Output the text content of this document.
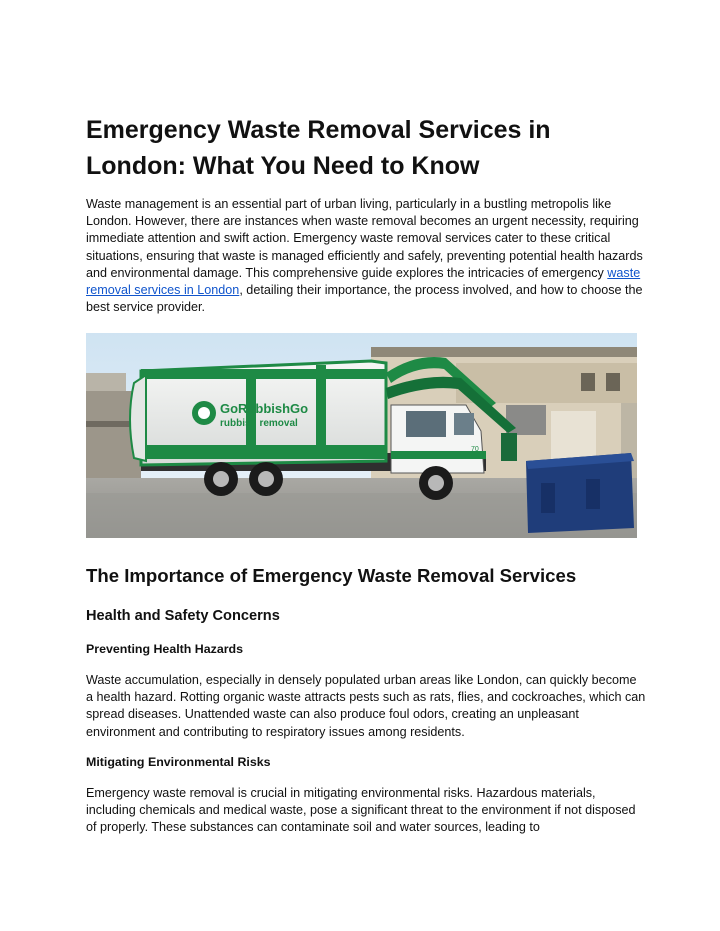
Emergency Waste Removal Services in
London: What You Need to Know

Waste management is an essential part of urban living, particularly in a bustling metropolis like London. However, there are instances when waste removal becomes an urgent necessity, requiring immediate attention and swift action. Emergency waste removal services cater to these critical situations, ensuring that waste is managed efficiently and safely, preventing potential health hazards and environmental damage. This comprehensive guide explores the intricacies of emergency waste removal services in London, detailing their importance, the process involved, and how to choose the best service provider.

GoRubbishGo
rubbish removal
70
The Importance of Emergency Waste Removal Services
Health and Safety Concerns
Preventing Health Hazards

Waste accumulation, especially in densely populated urban areas like London, can quickly become a health hazard. Rotting organic waste attracts pests such as rats, flies, and cockroaches, which can spread diseases. Unattended waste can also produce foul odors, creating an unpleasant environment and contributing to respiratory issues among residents.

Mitigating Environmental Risks

Emergency waste removal is crucial in mitigating environmental risks. Hazardous materials, including chemicals and medical waste, pose a significant threat to the environment if not disposed of properly. These substances can contaminate soil and water sources, leading to
